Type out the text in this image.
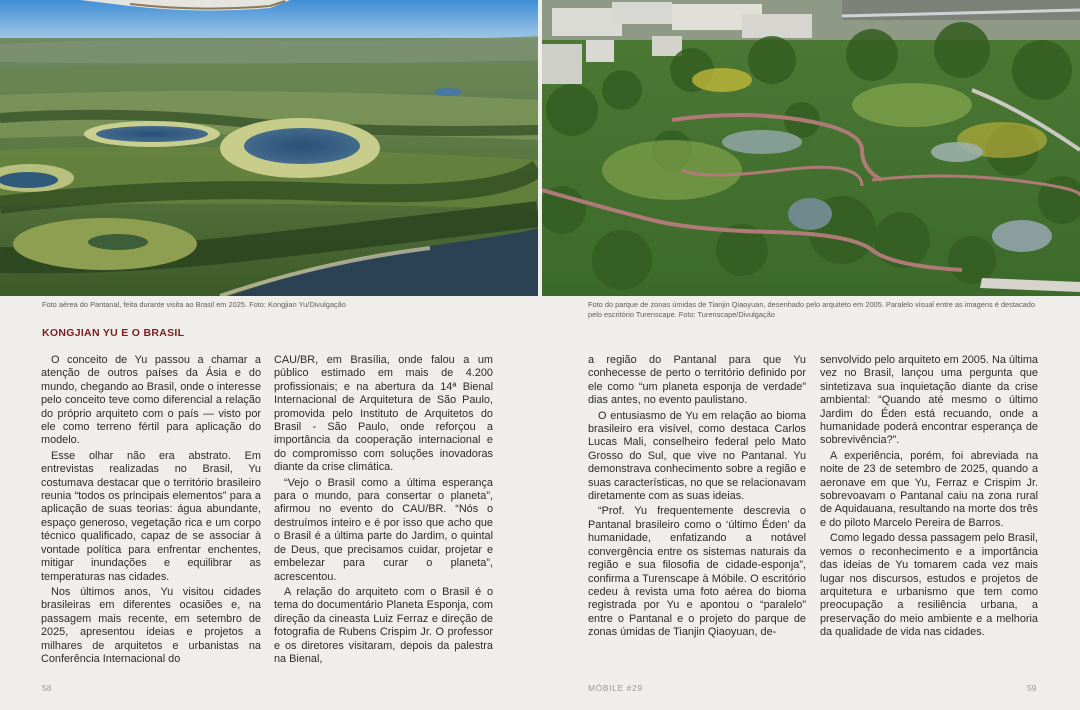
Foto aérea do Pantanal, feita durante visita ao Brasil em 2025. Foto: Kongjian Yu/Divulgação	Foto do parque de zonas úmidas de Tianjin Qiaoyuan, desenhado pelo arquiteto em 2005. Paralelo visual entre as imagens é destacado pelo escritório Turenscape. Foto: Turenscape/Divulgação

KONGJIAN YU E O BRASIL

O conceito de Yu passou a chamar a atenção de outros países da Ásia e do mundo, chegando ao Brasil, onde o interesse pelo conceito teve como diferencial a relação do próprio arquiteto com o país — visto por ele como terreno fértil para aplicação do modelo.

Esse olhar não era abstrato. Em entrevistas realizadas no Brasil, Yu costumava destacar que o território brasileiro reunia “todos os principais elementos” para a aplicação de suas teorias: água abundante, espaço generoso, vegetação rica e um corpo técnico qualificado, capaz de se associar à vontade política para enfrentar enchentes, mitigar inundações e equilibrar as temperaturas nas cidades.

Nos últimos anos, Yu visitou cidades brasileiras em diferentes ocasiões e, na passagem mais recente, em setembro de 2025, apresentou ideias e projetos a milhares de arquitetos e urbanistas na Conferência Internacional do

CAU/BR, em Brasília, onde falou a um público estimado em mais de 4.200 profissionais; e na abertura da 14ª Bienal Internacional de Arquitetura de São Paulo, promovida pelo Instituto de Arquitetos do Brasil - São Paulo, onde reforçou a importância da cooperação internacional e do compromisso com soluções inovadoras diante da crise climática.

“Vejo o Brasil como a última esperança para o mundo, para consertar o planeta”, afirmou no evento do CAU/BR. “Nós o destruímos inteiro e é por isso que acho que o Brasil é a última parte do Jardim, o quintal de Deus, que precisamos cuidar, projetar e embelezar para curar o planeta”, acrescentou.

A relação do arquiteto com o Brasil é o tema do documentário Planeta Esponja, com direção da cineasta Luiz Ferraz e direção de fotografia de Rubens Crispim Jr. O professor e os diretores visitaram, depois da palestra na Bienal,

a região do Pantanal para que Yu conhecesse de perto o território definido por ele como “um planeta esponja de verdade” dias antes, no evento paulistano.

O entusiasmo de Yu em relação ao bioma brasileiro era visível, como destaca Carlos Lucas Mali, conselheiro federal pelo Mato Grosso do Sul, que vive no Pantanal. Yu demonstrava conhecimento sobre a região e suas características, no que se relacionavam diretamente com as suas ideias.

“Prof. Yu frequentemente descrevia o Pantanal brasileiro como o ‘último Éden’ da humanidade, enfatizando a notável convergência entre os sistemas naturais da região e sua filosofia de cidade-esponja”, confirma a Turenscape à Móbile. O escritório cedeu à revista uma foto aérea do bioma registrada por Yu e apontou o “paralelo” entre o Pantanal e o projeto do parque de zonas úmidas de Tianjin Qiaoyuan, de-

senvolvido pelo arquiteto em 2005. Na última vez no Brasil, lançou uma pergunta que sintetizava sua inquietação diante da crise ambiental: “Quando até mesmo o último Jardim do Éden está recuando, onde a humanidade poderá encontrar esperança de sobrevivência?”.

A experiência, porém, foi abreviada na noite de 23 de setembro de 2025, quando a aeronave em que Yu, Ferraz e Crispim Jr. sobrevoavam o Pantanal caiu na zona rural de Aquidauana, resultando na morte dos três e do piloto Marcelo Pereira de Barros.

Como legado dessa passagem pelo Brasil, vemos o reconhecimento e a importância das ideias de Yu tomarem cada vez mais lugar nos discursos, estudos e projetos de arquitetura e urbanismo que tem como preocupação a resiliência urbana, a preservação do meio ambiente e a melhoria da qualidade de vida nas cidades.

58	MÓBILE #29	59
